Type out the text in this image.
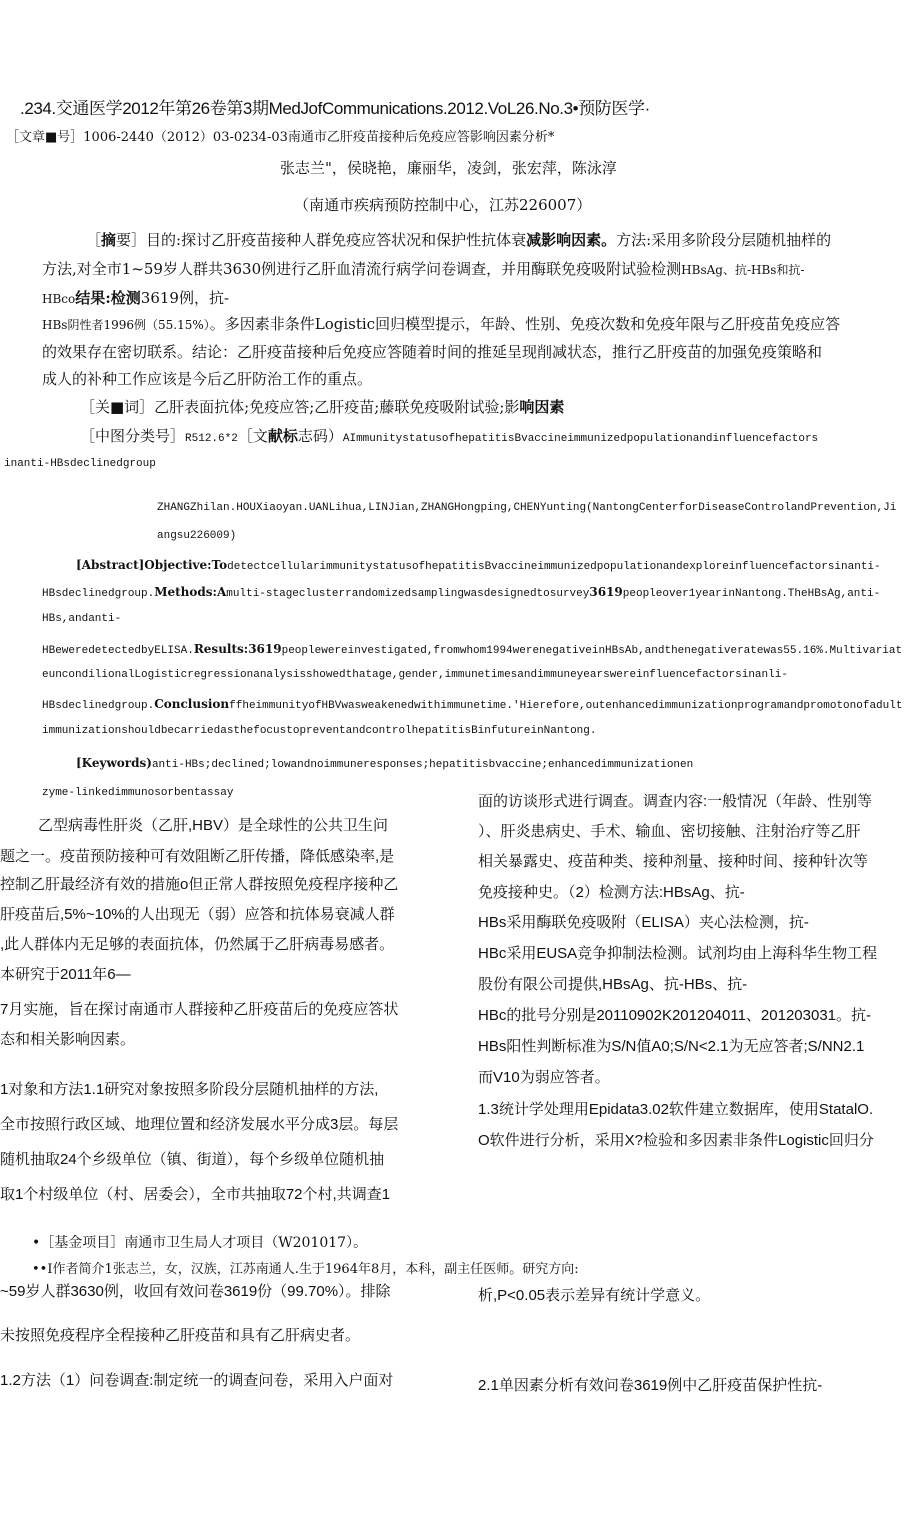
.234.交通医学2012年第26卷第3期MedJofCommunications.2012.VoL26.No.3•预防医学·
［文章■号］1006-2440（2012）03-0234-03南通市乙肝疫苗接种后免疫应答影响因素分析*
张志兰"，侯晓艳，廉丽华，凌剑，张宏萍，陈泳淳
（南通市疾病预防控制中心，江苏226007）
［摘要］目的:探讨乙肝疫苗接种人群免疫应答状况和保护性抗体衰减影响因素。方法:采用多阶段分层随机抽样的
方法,对全市1~59岁人群共3630例进行乙肝血清流行病学问卷调查，并用酶联免疫吸附试验检测HBsAg、抗-HBs和抗-
HBco结果:检测3619例，抗-
HBs阴性者1996例（55.15%）。多因素非条件Logistic回归模型提示，年龄、性别、免疫次数和免疫年限与乙肝疫苗免疫应答
的效果存在密切联系。结论：乙肝疫苗接种后免疫应答随着时间的推延呈现削减状态，推行乙肝疫苗的加强免疫策略和
成人的补种工作应该是今后乙肝防治工作的重点。
［关■词］乙肝表面抗体;免疫应答;乙肝疫苗;藤联免疫吸附试验;影响因素
［中图分类号］R512.6*2［文献标志码）AImmunitystatusofhepatitisBvaccineimmunizedpopulationandinfluencefactors
inanti-HBsdeclinedgroup
ZHANGZhilan.HOUXiaoyan.UANLihua,LINJian,ZHANGHongping,CHENYunting(NantongCenterforDiseaseControlandPrevention,Ji
angsu226009)
[Abstract]Objective:TodetectcellularimmunitystatusofhepatitisBvaccineimmunizedpopulationandexploreinfluencefactorsinanti-
HBsdeclinedgroup.Methods:Amulti-stageclusterrandomizedsamplingwasdesignedtosurvey3619peopleover1yearinNantong.TheHBsAg,anti-
HBs,andanti-
HBeweredetectedbyELISA.Results:3619peoplewereinvestigated,fromwhom1994werenegativeinHBsAb,andthenegativeratewas55.16%.Multivariat
euncondilionalLogisticregressionanalysisshowedthatage,gender,immunetimesandimmuneyearswereinfluencefactorsinanli-
HBsdeclinedgroup.ConclusionffheimmunityofHBVwasweakenedwithimmunetime.'Hierefore,outenhancedimmunizationprogramandpromotonofadult
immunizationshouldbecarriedasthefocustopreventandcontrolhepatitisBinfutureinNantong.
[Keywords)anti-HBs;declined;lowandnoimmuneresponses;hepatitisbvaccine;enhancedimmunizationen
zyme-linkedimmunosorbentassay
乙型病毒性肝炎（乙肝,HBV）是全球性的公共卫生问
题之一。疫苗预防接种可有效阻断乙肝传播，降低感染率,是
控制乙肝最经济有效的措施o但正常人群按照免疫程序接种乙
肝疫苗后,5%~10%的人出现无（弱）应答和抗体易衰减人群
,此人群体内无足够的表面抗体，仍然属于乙肝病毒易感者。
本研究于2011年6—
7月实施，旨在探讨南通市人群接种乙肝疫苗后的免疫应答状
态和相关影响因素。
1对象和方法1.1研究对象按照多阶段分层随机抽样的方法,
全市按照行政区域、地理位置和经济发展水平分成3层。每层
随机抽取24个乡级单位（镇、街道），每个乡级单位随机抽
取1个村级单位（村、居委会），全市共抽取72个村,共调查1
面的访谈形式进行调查。调查内容:一般情况（年龄、性别等
）、肝炎患病史、手术、输血、密切接触、注射治疗等乙肝
相关暴露史、疫苗种类、接种剂量、接种时间、接种针次等
免疫接种史。（2）检测方法:HBsAg、抗-
HBs采用酶联免疫吸附（ELISA）夹心法检测，抗-
HBc采用EUSA竞争抑制法检测。试剂均由上海科华生物工程
股份有限公司提供,HBsAg、抗-HBs、抗-
HBc的批号分别是20110902K201204011、201203031。抗-
HBs阳性判断标准为S/N值A0;S/N<2.1为无应答者;S/NN2.1
而V10为弱应答者。
1.3统计学处理用Epidata3.02软件建立数据库，使用StatalO.
O软件进行分析，采用X?检验和多因素非条件Logistic回归分
•［基金项目］南通市卫生局人才项目（W201017）。
••I作者简介1张志兰，女，汉族，江苏南通人.生于1964年8月，本科，副主任医师。研究方向:
~59岁人群3630例，收回有效问卷3619份（99.70%）。排除
未按照免疫程序全程接种乙肝疫苗和具有乙肝病史者。
1.2方法（1）问卷调查:制定统一的调查问卷，采用入户面对
析,P<0.05表示差异有统计学意义。
2.1单因素分析有效问卷3619例中乙肝疫苗保护性抗-
